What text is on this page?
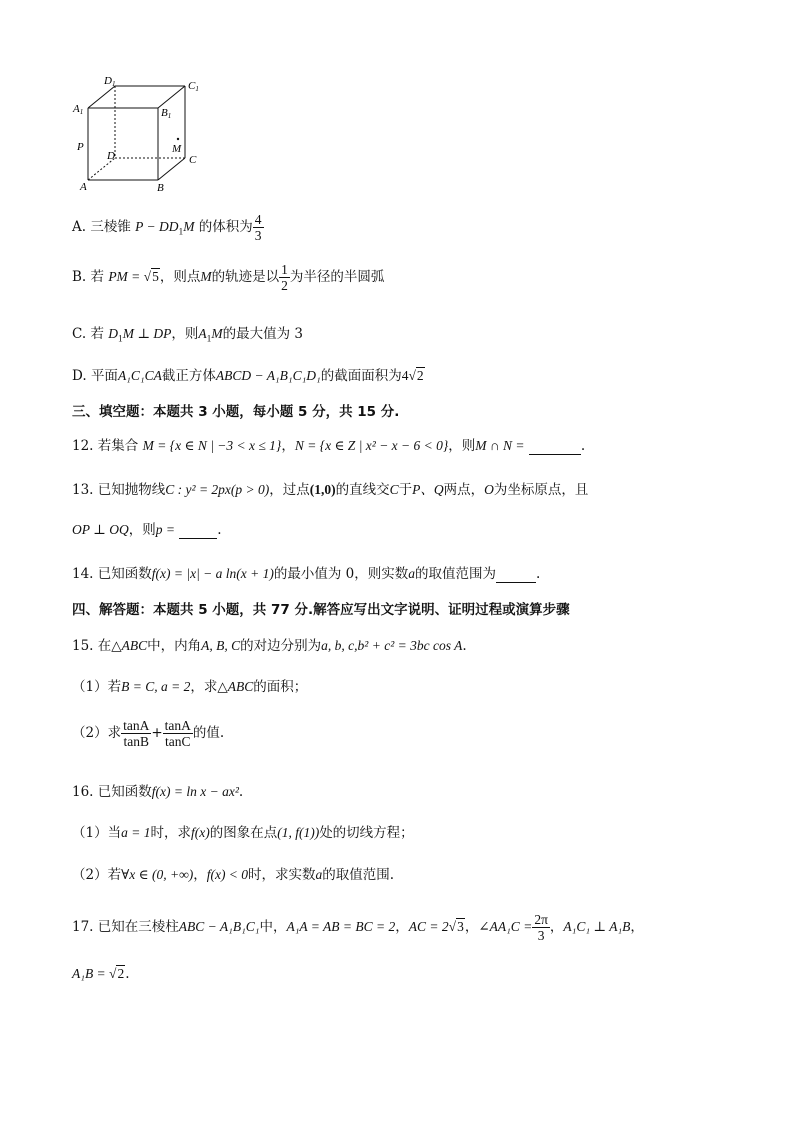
D1	C1
A1	B1
P
D
M
C
A	B
A. 三棱锥 $P - DD_1M$ 的体积为 $\frac{4}{3}$
B. 若 PM = √5，则点M的轨迹是以 $\frac{1}{2}$ 为半径的半圆弧
C. 若 $D_1M$ ⊥ DP，则$A_1M$的最大值为 3
D. 平面A₁C₁CA截正方体ABCD − A₁B₁C₁D₁的截面面积为4√2
三、填空题：本题共 3 小题，每小题 5 分，共 15 分.
12. 若集合 M = {x ∈ N | −3 < x ≤ 1}，N = {x ∈ Z | x² − x − 6 < 0}，则M ∩ N =	.
13. 已知抛物线C : y² = 2px(p > 0)，过点(1,0)的直线交C于P、Q两点，O为坐标原点，且
OP ⊥ OQ，则p =	.
14. 已知函数f(x) = |x| − a ln(x + 1)的最小值为 0，则实数a的取值范围为	.
四、解答题：本题共 5 小题，共 77 分.解答应写出文字说明、证明过程或演算步骤
15. 在△ABC中，内角A, B, C的对边分别为a, b, c,b² + c² = 3bc cos A.
（1）若B = C, a = 2，求△ABC的面积；
（2）求 $\frac{\tan A}{\tan B} + \frac{\tan A}{\tan C}$ 的值.
16. 已知函数f(x) = ln x − ax².
（1）当a = 1时，求f(x)的图象在点(1, f(1))处的切线方程；
（2）若∀x ∈ (0, +∞)，f(x) < 0时，求实数a的取值范围.
17. 已知在三棱柱ABC − A₁B₁C₁中，A₁A = AB = BC = 2，AC = 2√3，∠AA₁C = $\frac{2\pi}{3}$ ，A₁C₁ ⊥ A₁B，
A₁B = √2.
